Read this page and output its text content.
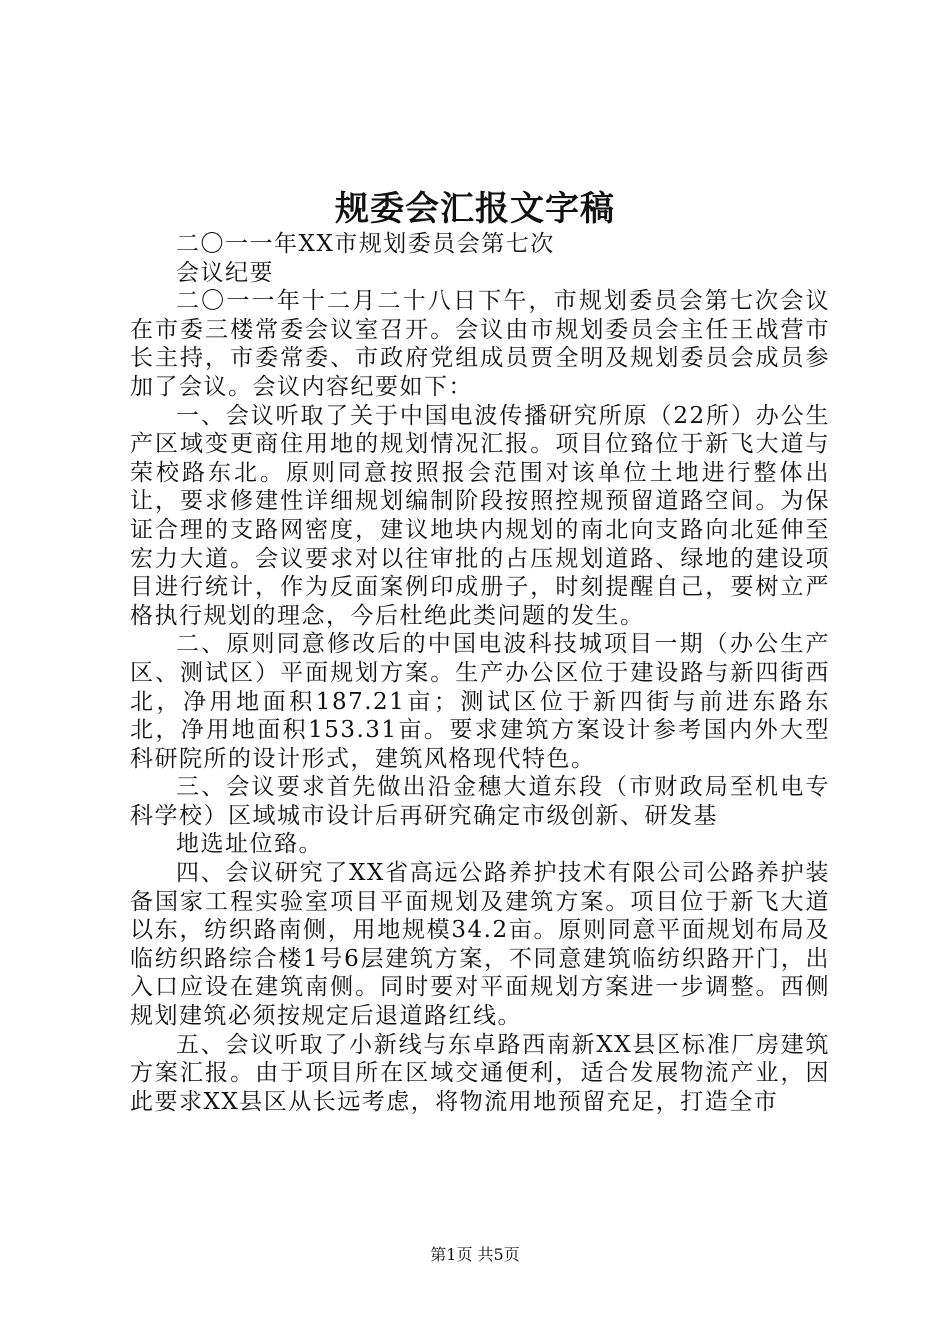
规委会汇报文字稿

二〇一一年XX市规划委员会第七次

会议纪要

二〇一一年十二月二十八日下午，市规划委员会第七次会议在市委三楼常委会议室召开。会议由市规划委员会主任王战营市长主持，市委常委、市政府党组成员贾全明及规划委员会成员参加了会议。会议内容纪要如下：

一、会议听取了关于中国电波传播研究所原（22所）办公生产区域变更商住用地的规划情况汇报。项目位臵位于新飞大道与荣校路东北。原则同意按照报会范围对该单位土地进行整体出让，要求修建性详细规划编制阶段按照控规预留道路空间。为保证合理的支路网密度，建议地块内规划的南北向支路向北延伸至宏力大道。会议要求对以往审批的占压规划道路、绿地的建设项目进行统计，作为反面案例印成册子，时刻提醒自己，要树立严格执行规划的理念，今后杜绝此类问题的发生。

二、原则同意修改后的中国电波科技城项目一期（办公生产区、测试区）平面规划方案。生产办公区位于建设路与新四街西北，净用地面积187.21亩；测试区位于新四街与前进东路东北，净用地面积153.31亩。要求建筑方案设计参考国内外大型科研院所的设计形式，建筑风格现代特色。

三、会议要求首先做出沿金穗大道东段（市财政局至机电专科学校）区域城市设计后再研究确定市级创新、研发基

地选址位臵。

四、会议研究了XX省高远公路养护技术有限公司公路养护装备国家工程实验室项目平面规划及建筑方案。项目位于新飞大道以东，纺织路南侧，用地规模34.2亩。原则同意平面规划布局及临纺织路综合楼1号6层建筑方案，不同意建筑临纺织路开门，出入口应设在建筑南侧。同时要对平面规划方案进一步调整。西侧规划建筑必须按规定后退道路红线。

五、会议听取了小新线与东卓路西南新XX县区标准厂房建筑方案汇报。由于项目所在区域交通便利，适合发展物流产业，因此要求XX县区从长远考虑，将物流用地预留充足，打造全市

第1页 共5页
